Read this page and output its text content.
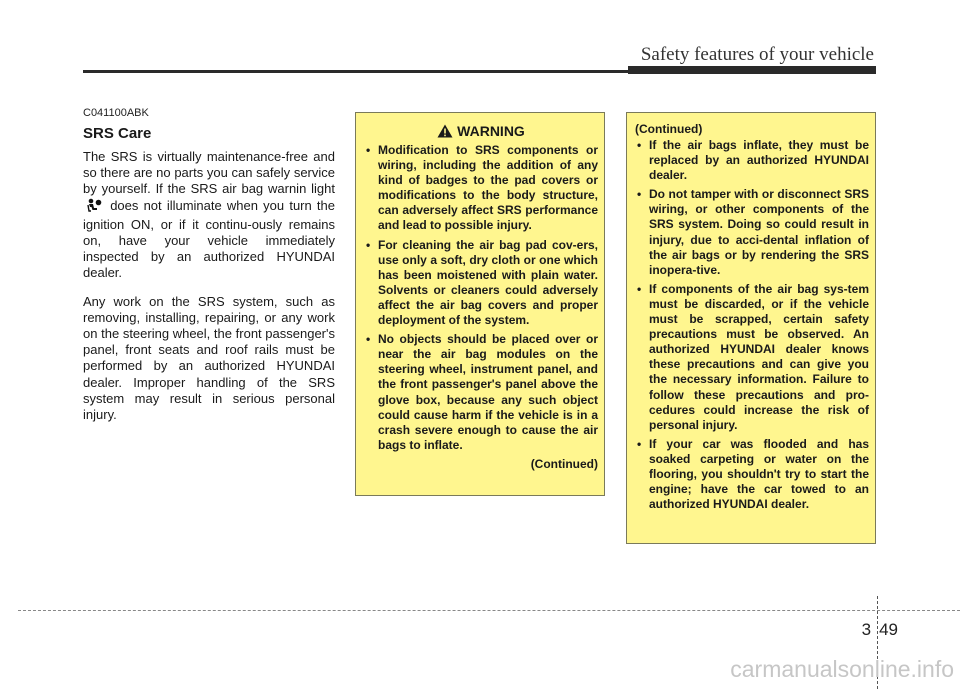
Safety features of your vehicle
C041100ABK
SRS Care

The SRS is virtually maintenance-free and so there are no parts you can safely service by yourself. If the SRS air bag warnin light  does not illuminate when you turn the ignition ON, or if it continu-ously remains on, have your vehicle immediately inspected by an authorized HYUNDAI dealer.

Any work on the SRS system, such as removing, installing, repairing, or any work on the steering wheel, the front passenger's panel, front seats and roof rails must be performed by an authorized HYUNDAI dealer. Improper handling of the SRS system may result in serious personal injury.

WARNING
• Modification to SRS components or wiring, including the addition of any kind of badges to the pad covers or modifications to the body structure, can adversely affect SRS performance and lead to possible injury.
• For cleaning the air bag pad cov-ers, use only a soft, dry cloth or one which has been moistened with plain water. Solvents or cleaners could adversely affect the air bag covers and proper deployment of the system.
• No objects should be placed over or near the air bag modules on the steering wheel, instrument panel, and the front passenger's panel above the glove box, because any such object could cause harm if the vehicle is in a crash severe enough to cause the air bags to inflate.
(Continued)
(Continued)
• If the air bags inflate, they must be replaced by an authorized HYUNDAI dealer.
• Do not tamper with or disconnect SRS wiring, or other components of the SRS system. Doing so could result in injury, due to acci-dental inflation of the air bags or by rendering the SRS inopera-tive.
• If components of the air bag sys-tem must be discarded, or if the vehicle must be scrapped, certain safety precautions must be observed. An authorized HYUNDAI dealer knows these precautions and can give you the necessary information. Failure to follow these precautions and pro-cedures could increase the risk of personal injury.
• If your car was flooded and has soaked carpeting or water on the flooring, you shouldn't try to start the engine; have the car towed to an authorized HYUNDAI dealer.
3 49
carmanualsonline.info
